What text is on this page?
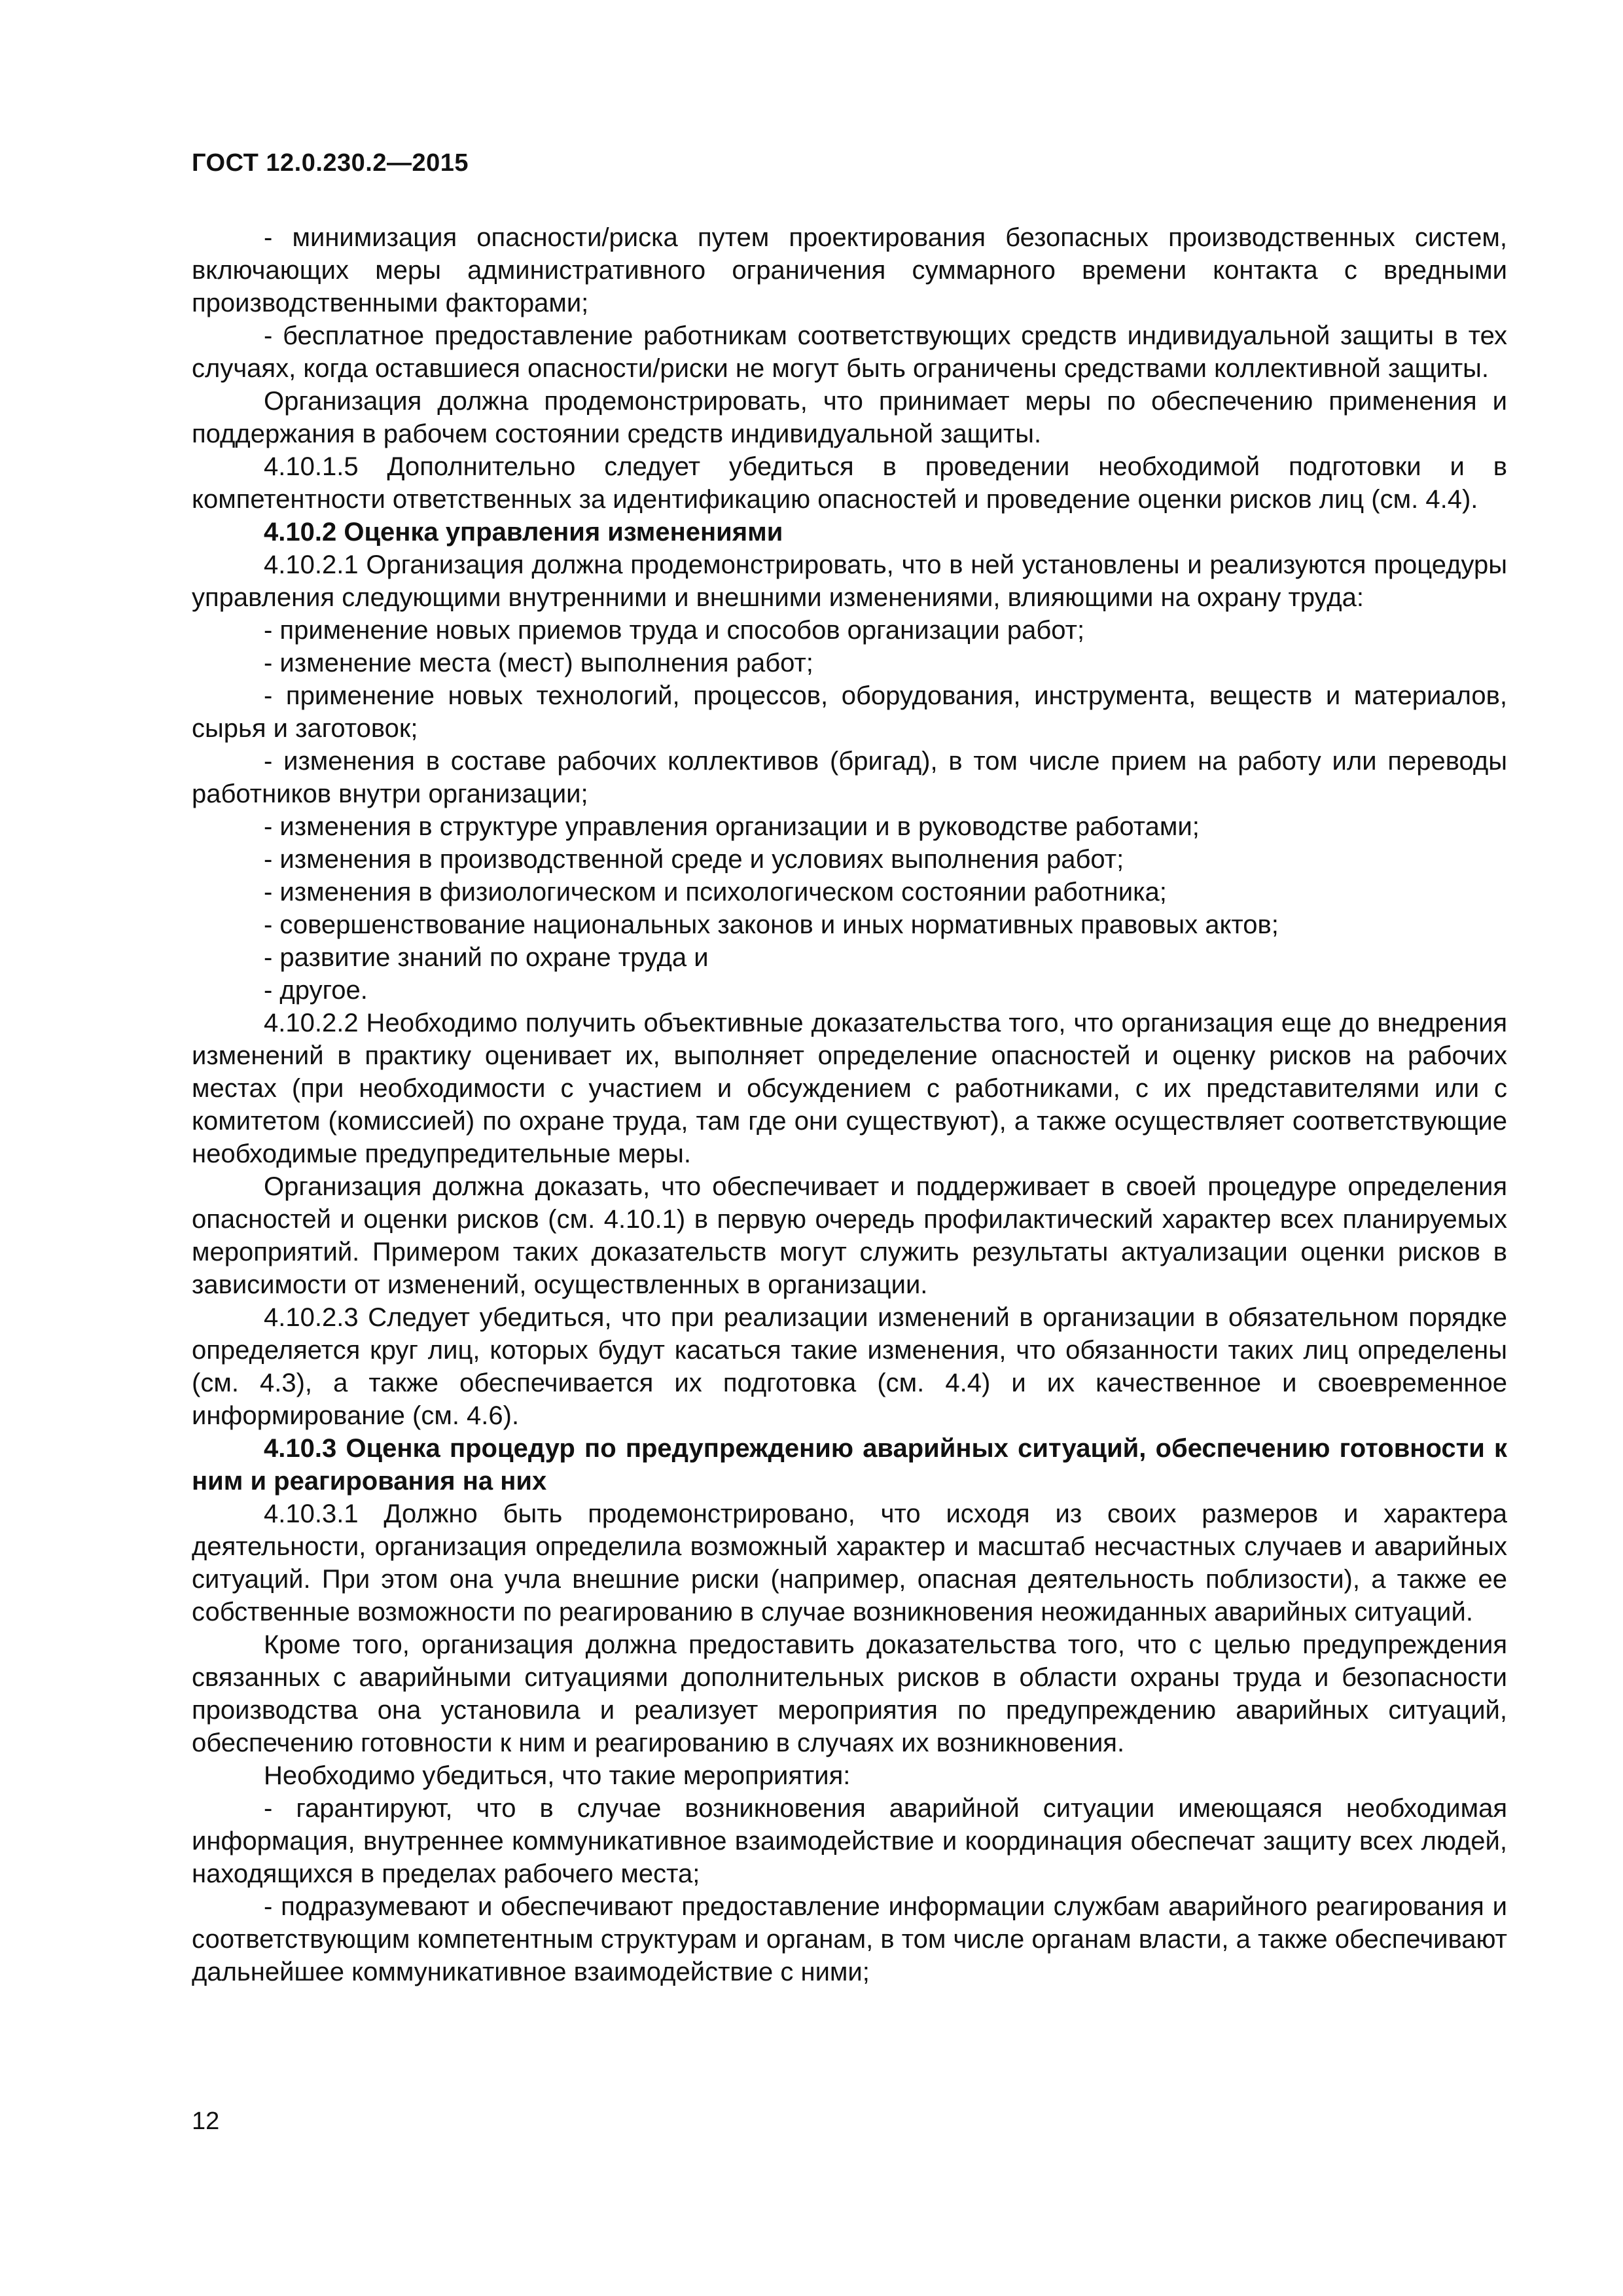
ГОСТ 12.0.230.2—2015

- минимизация опасности/риска путем проектирования безопасных производственных систем, включающих меры административного ограничения суммарного времени контакта с вредными производственными факторами;

- бесплатное предоставление работникам соответствующих средств индивидуальной защиты в тех случаях, когда оставшиеся опасности/риски не могут быть ограничены средствами коллективной защиты.

Организация должна продемонстрировать, что принимает меры по обеспечению применения и поддержания в рабочем состоянии средств индивидуальной защиты.

4.10.1.5 Дополнительно следует убедиться в проведении необходимой подготовки и в компетентности ответственных за идентификацию опасностей и проведение оценки рисков лиц (см. 4.4).

4.10.2 Оценка управления изменениями

4.10.2.1 Организация должна продемонстрировать, что в ней установлены и реализуются процедуры управления следующими внутренними и внешними изменениями, влияющими на охрану труда:

- применение новых приемов труда и способов организации работ;

- изменение места (мест) выполнения работ;

- применение новых технологий, процессов, оборудования, инструмента, веществ и материалов, сырья и заготовок;

- изменения в составе рабочих коллективов (бригад), в том числе прием на работу или переводы работников внутри организации;

- изменения в структуре управления организации и в руководстве работами;

- изменения в производственной среде и условиях выполнения работ;

- изменения в физиологическом и психологическом состоянии работника;

- совершенствование национальных законов и иных нормативных правовых актов;

- развитие знаний по охране труда и

- другое.

4.10.2.2 Необходимо получить объективные доказательства того, что организация еще до внедрения изменений в практику оценивает их, выполняет определение опасностей и оценку рисков на рабочих местах (при необходимости с участием и обсуждением с работниками, с их представителями или с комитетом (комиссией) по охране труда, там где они существуют), а также осуществляет соответствующие необходимые предупредительные меры.

Организация должна доказать, что обеспечивает и поддерживает в своей процедуре определения опасностей и оценки рисков (см. 4.10.1) в первую очередь профилактический характер всех планируемых мероприятий. Примером таких доказательств могут служить результаты актуализации оценки рисков в зависимости от изменений, осуществленных в организации.

4.10.2.3 Следует убедиться, что при реализации изменений в организации в обязательном порядке определяется круг лиц, которых будут касаться такие изменения, что обязанности таких лиц определены (см. 4.3), а также обеспечивается их подготовка (см. 4.4) и их качественное и своевременное информирование (см. 4.6).

4.10.3 Оценка процедур по предупреждению аварийных ситуаций, обеспечению готовности к ним и реагирования на них

4.10.3.1 Должно быть продемонстрировано, что исходя из своих размеров и характера деятельности, организация определила возможный характер и масштаб несчастных случаев и аварийных ситуаций. При этом она учла внешние риски (например, опасная деятельность поблизости), а также ее собственные возможности по реагированию в случае возникновения неожиданных аварийных ситуаций.

Кроме того, организация должна предоставить доказательства того, что с целью предупреждения связанных с аварийными ситуациями дополнительных рисков в области охраны труда и безопасности производства она установила и реализует мероприятия по предупреждению аварийных ситуаций, обеспечению готовности к ним и реагированию в случаях их возникновения.

Необходимо убедиться, что такие мероприятия:

- гарантируют, что в случае возникновения аварийной ситуации имеющаяся необходимая информация, внутреннее коммуникативное взаимодействие и координация обеспечат защиту всех людей, находящихся в пределах рабочего места;

- подразумевают и обеспечивают предоставление информации службам аварийного реагирования и соответствующим компетентным структурам и органам, в том числе органам власти, а также обеспечивают дальнейшее коммуникативное взаимодействие с ними;

12
